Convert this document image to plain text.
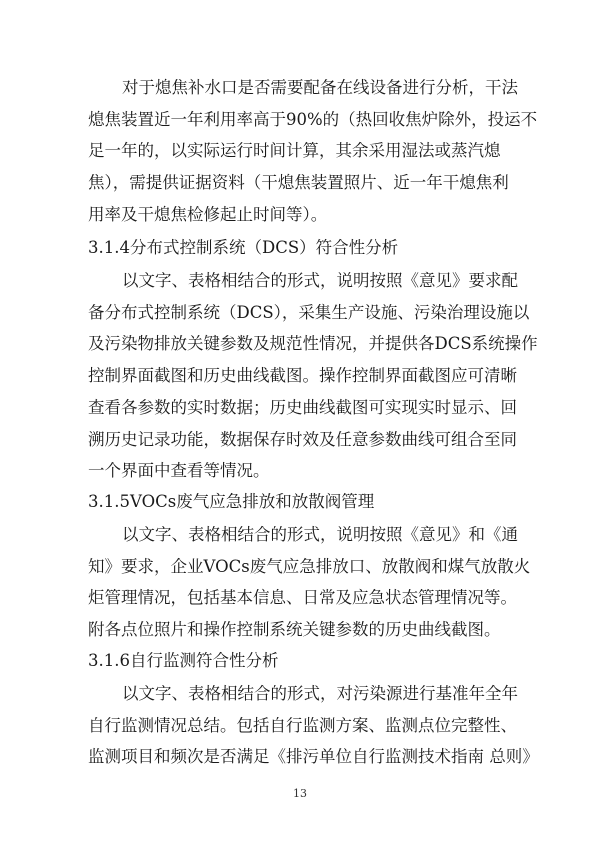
对于熄焦补水口是否需要配备在线设备进行分析，干法
熄焦装置近一年利用率高于90%的（热回收焦炉除外，投运不
足一年的，以实际运行时间计算，其余采用湿法或蒸汽熄
焦），需提供证据资料（干熄焦装置照片、近一年干熄焦利
用率及干熄焦检修起止时间等）。
3.1.4分布式控制系统（DCS）符合性分析
以文字、表格相结合的形式，说明按照《意见》要求配
备分布式控制系统（DCS），采集生产设施、污染治理设施以
及污染物排放关键参数及规范性情况，并提供各DCS系统操作
控制界面截图和历史曲线截图。操作控制界面截图应可清晰
查看各参数的实时数据；历史曲线截图可实现实时显示、回
溯历史记录功能，数据保存时效及任意参数曲线可组合至同
一个界面中查看等情况。
3.1.5VOCs废气应急排放和放散阀管理
以文字、表格相结合的形式，说明按照《意见》和《通
知》要求，企业VOCs废气应急排放口、放散阀和煤气放散火
炬管理情况，包括基本信息、日常及应急状态管理情况等。
附各点位照片和操作控制系统关键参数的历史曲线截图。
3.1.6自行监测符合性分析
以文字、表格相结合的形式，对污染源进行基准年全年
自行监测情况总结。包括自行监测方案、监测点位完整性、
监测项目和频次是否满足《排污单位自行监测技术指南 总则》
13
